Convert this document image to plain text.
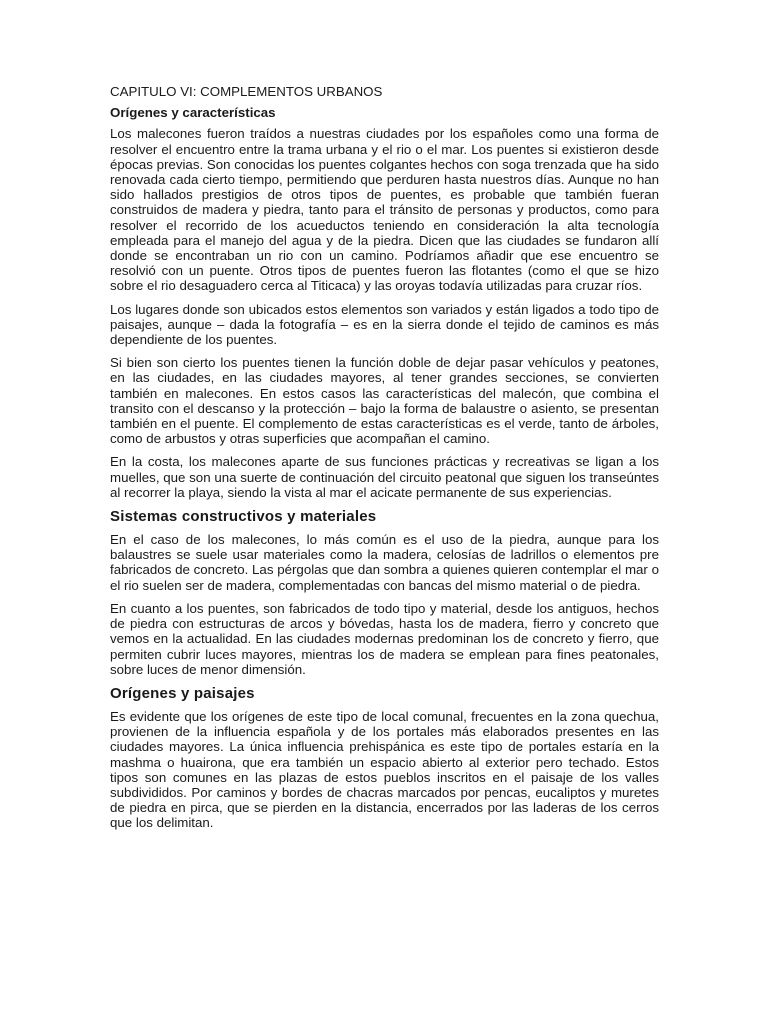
CAPITULO VI: COMPLEMENTOS URBANOS
Orígenes y características

Los malecones fueron traídos a nuestras ciudades por los españoles como una forma de resolver el encuentro entre la trama urbana y el rio o el mar. Los puentes si existieron desde épocas previas. Son conocidas los puentes colgantes hechos con soga trenzada que ha sido renovada cada cierto tiempo, permitiendo que perduren hasta nuestros días. Aunque no han sido hallados prestigios de otros tipos de puentes, es probable que también fueran construidos de madera y piedra, tanto para el tránsito de personas y productos, como para resolver el recorrido de los acueductos teniendo en consideración la alta tecnología empleada para el manejo del agua y de la piedra. Dicen que las ciudades se fundaron allí donde se encontraban un rio con un camino. Podríamos añadir que ese encuentro se resolvió con un puente. Otros tipos de puentes fueron las flotantes (como el que se hizo sobre el rio desaguadero cerca al Titicaca) y las oroyas todavía utilizadas para cruzar ríos.

Los lugares donde son ubicados estos elementos son variados y están ligados a todo tipo de paisajes, aunque – dada la fotografía – es en la sierra donde el tejido de caminos es más dependiente de los puentes.

Si bien son cierto los puentes tienen la función doble de dejar pasar vehículos y peatones, en las ciudades, en las ciudades mayores, al tener grandes secciones, se convierten también en malecones. En estos casos las características del malecón, que combina el transito con el descanso y la protección – bajo la forma de balaustre o asiento, se presentan también en el puente. El complemento de estas características es el verde, tanto de árboles, como de arbustos y otras superficies que acompañan el camino.

En la costa, los malecones aparte de sus funciones prácticas y recreativas se ligan a los muelles, que son una suerte de continuación del circuito peatonal que siguen los transeúntes al recorrer la playa, siendo la vista al mar el acicate permanente de sus experiencias.

Sistemas constructivos y materiales

En el caso de los malecones, lo más común es el uso de la piedra, aunque para los balaustres se suele usar materiales como la madera, celosías de ladrillos o elementos pre fabricados de concreto. Las pérgolas que dan sombra a quienes quieren contemplar el mar o el rio suelen ser de madera, complementadas con bancas del mismo material o de piedra.

En cuanto a los puentes, son fabricados de todo tipo y material, desde los antiguos, hechos de piedra con estructuras de arcos y bóvedas, hasta los de madera, fierro y concreto que vemos en la actualidad. En las ciudades modernas predominan los de concreto y fierro, que permiten cubrir luces mayores, mientras los de madera se emplean para fines peatonales, sobre luces de menor dimensión.

Orígenes y paisajes

Es evidente que los orígenes de este tipo de local comunal, frecuentes en la zona quechua, provienen de la influencia española y de los portales más elaborados presentes en las ciudades mayores. La única influencia prehispánica es este tipo de portales estaría en la mashma o huairona, que era también un espacio abierto al exterior pero techado. Estos tipos son comunes en las plazas de estos pueblos inscritos en el paisaje de los valles subdivididos. Por caminos y bordes de chacras marcados por pencas, eucaliptos y muretes de piedra en pirca, que se pierden en la distancia, encerrados por las laderas de los cerros que los delimitan.
